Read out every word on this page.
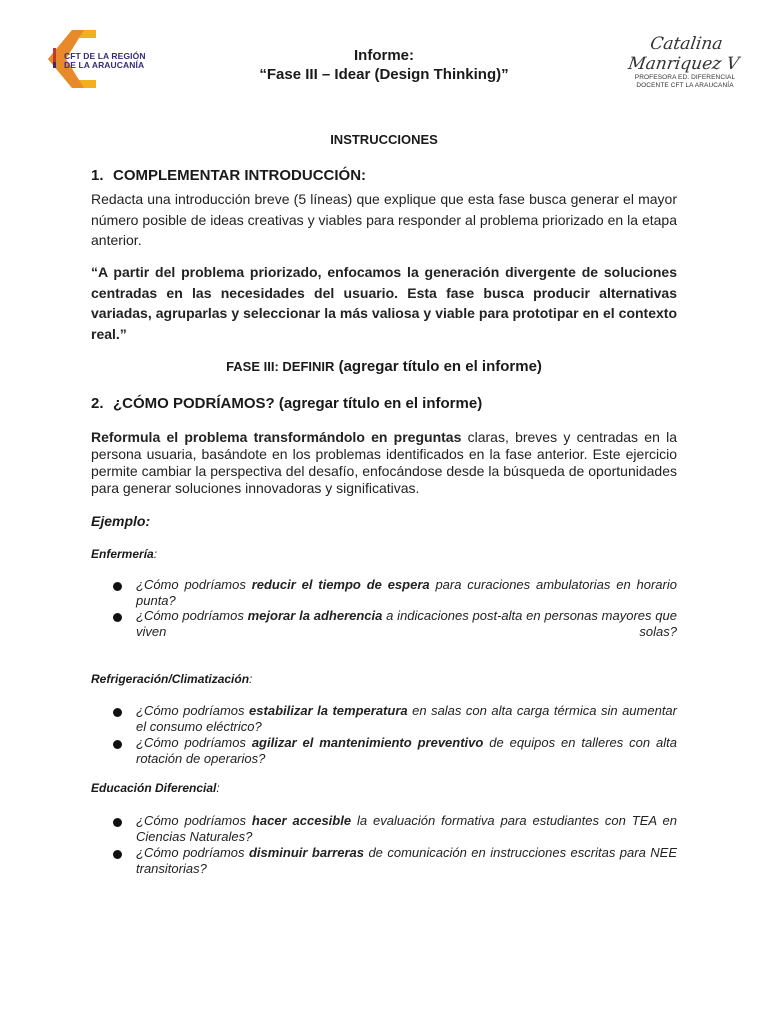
CFT DE LA REGIÓN
DE LA ARAUCANÍA
Informe:
“Fase III – Idear (Design Thinking)”
Catalina Manriquez V
PROFESORA ED. DIFERENCIAL
DOCENTE CFT LA ARAUCANÍA
INSTRUCCIONES
1. COMPLEMENTAR INTRODUCCIÓN:
Redacta una introducción breve (5 líneas) que explique que esta fase busca generar el mayor número posible de ideas creativas y viables para responder al problema priorizado en la etapa anterior.
“A partir del problema priorizado, enfocamos la generación divergente de soluciones centradas en las necesidades del usuario. Esta fase busca producir alternativas variadas, agruparlas y seleccionar la más valiosa y viable para prototipar en el contexto real.”
FASE III: DEFINIR (agregar título en el informe)
2. ¿CÓMO PODRÍAMOS? (agregar título en el informe)
Reformula el problema transformándolo en preguntas claras, breves y centradas en la persona usuaria, basándote en los problemas identificados en la fase anterior. Este ejercicio permite cambiar la perspectiva del desafío, enfocándose desde la búsqueda de oportunidades para generar soluciones innovadoras y significativas.
Ejemplo:
Enfermería:
¿Cómo podríamos reducir el tiempo de espera para curaciones ambulatorias en horario punta?
¿Cómo podríamos mejorar la adherencia a indicaciones post-alta en personas mayores que viven solas?
Refrigeración/Climatización:
¿Cómo podríamos estabilizar la temperatura en salas con alta carga térmica sin aumentar el consumo eléctrico?
¿Cómo podríamos agilizar el mantenimiento preventivo de equipos en talleres con alta rotación de operarios?
Educación Diferencial:
¿Cómo podríamos hacer accesible la evaluación formativa para estudiantes con TEA en Ciencias Naturales?
¿Cómo podríamos disminuir barreras de comunicación en instrucciones escritas para NEE transitorias?
